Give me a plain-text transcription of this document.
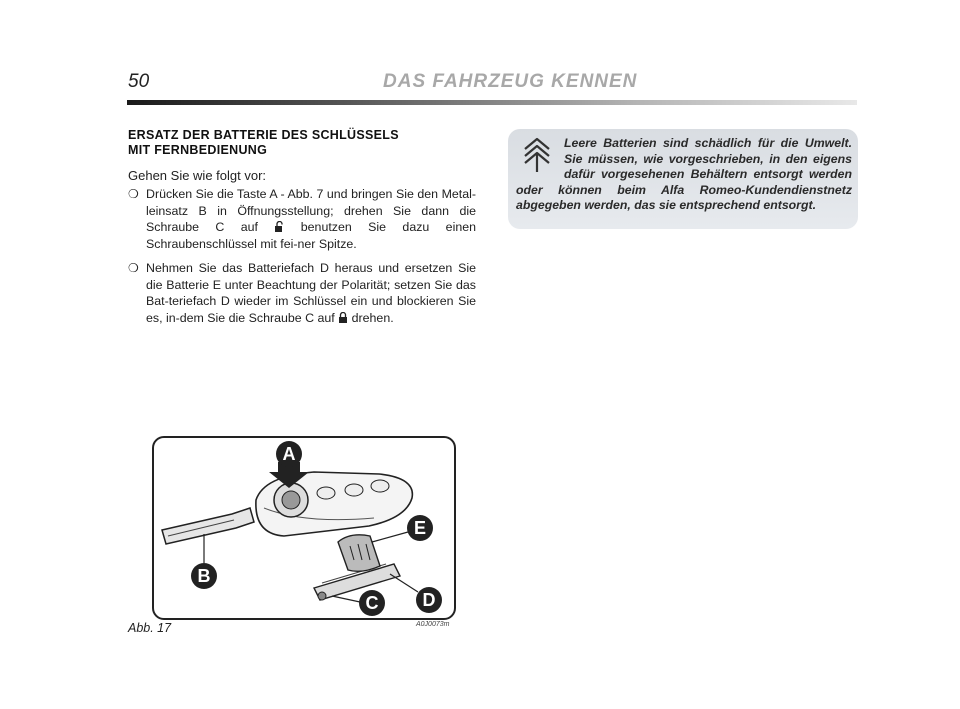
50	DAS FAHRZEUG KENNEN
ERSATZ DER BATTERIE DES SCHLÜSSELS
MIT FERNBEDIENUNG
Gehen Sie wie folgt vor:
❍ Drücken Sie die Taste A - Abb. 7 und bringen Sie den Metal-leinsatz B in Öffnungsstellung; drehen Sie dann die Schraube C auf	benutzen Sie dazu einen Schraubenschlüssel mit fei-ner Spitze.
❍ Nehmen Sie das Batteriefach D heraus und ersetzen Sie die Batterie E unter Beachtung der Polarität; setzen Sie das Bat-teriefach D wieder im Schlüssel ein und blockieren Sie es, in-dem Sie die Schraube C auf drehen.
Leere Batterien sind schädlich für die Umwelt. Sie müssen, wie vorgeschrieben, in den eigens dafür vorgesehenen Behältern entsorgt werden oder können beim Alfa Romeo-Kundendienstnetz abgegeben werden, das sie entsprechend entsorgt.
A
B
C D
E
Abb. 17	A0J0073m
